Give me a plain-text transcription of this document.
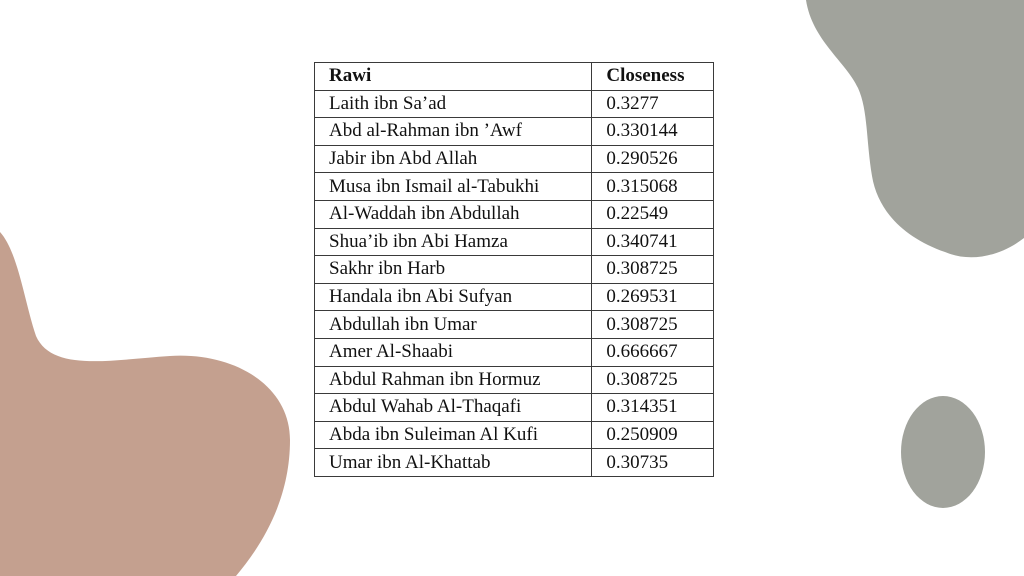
Rawi	Closeness
Laith ibn Sa’ad	0.3277
Abd al-Rahman ibn ’Awf	0.330144
Jabir ibn Abd Allah	0.290526
Musa ibn Ismail al-Tabukhi	0.315068
Al-Waddah ibn Abdullah	0.22549
Shua’ib ibn Abi Hamza	0.340741
Sakhr ibn Harb	0.308725
Handala ibn Abi Sufyan	0.269531
Abdullah ibn Umar	0.308725
Amer Al-Shaabi	0.666667
Abdul Rahman ibn Hormuz	0.308725
Abdul Wahab Al-Thaqafi	0.314351
Abda ibn Suleiman Al Kufi	0.250909
Umar ibn Al-Khattab	0.30735
